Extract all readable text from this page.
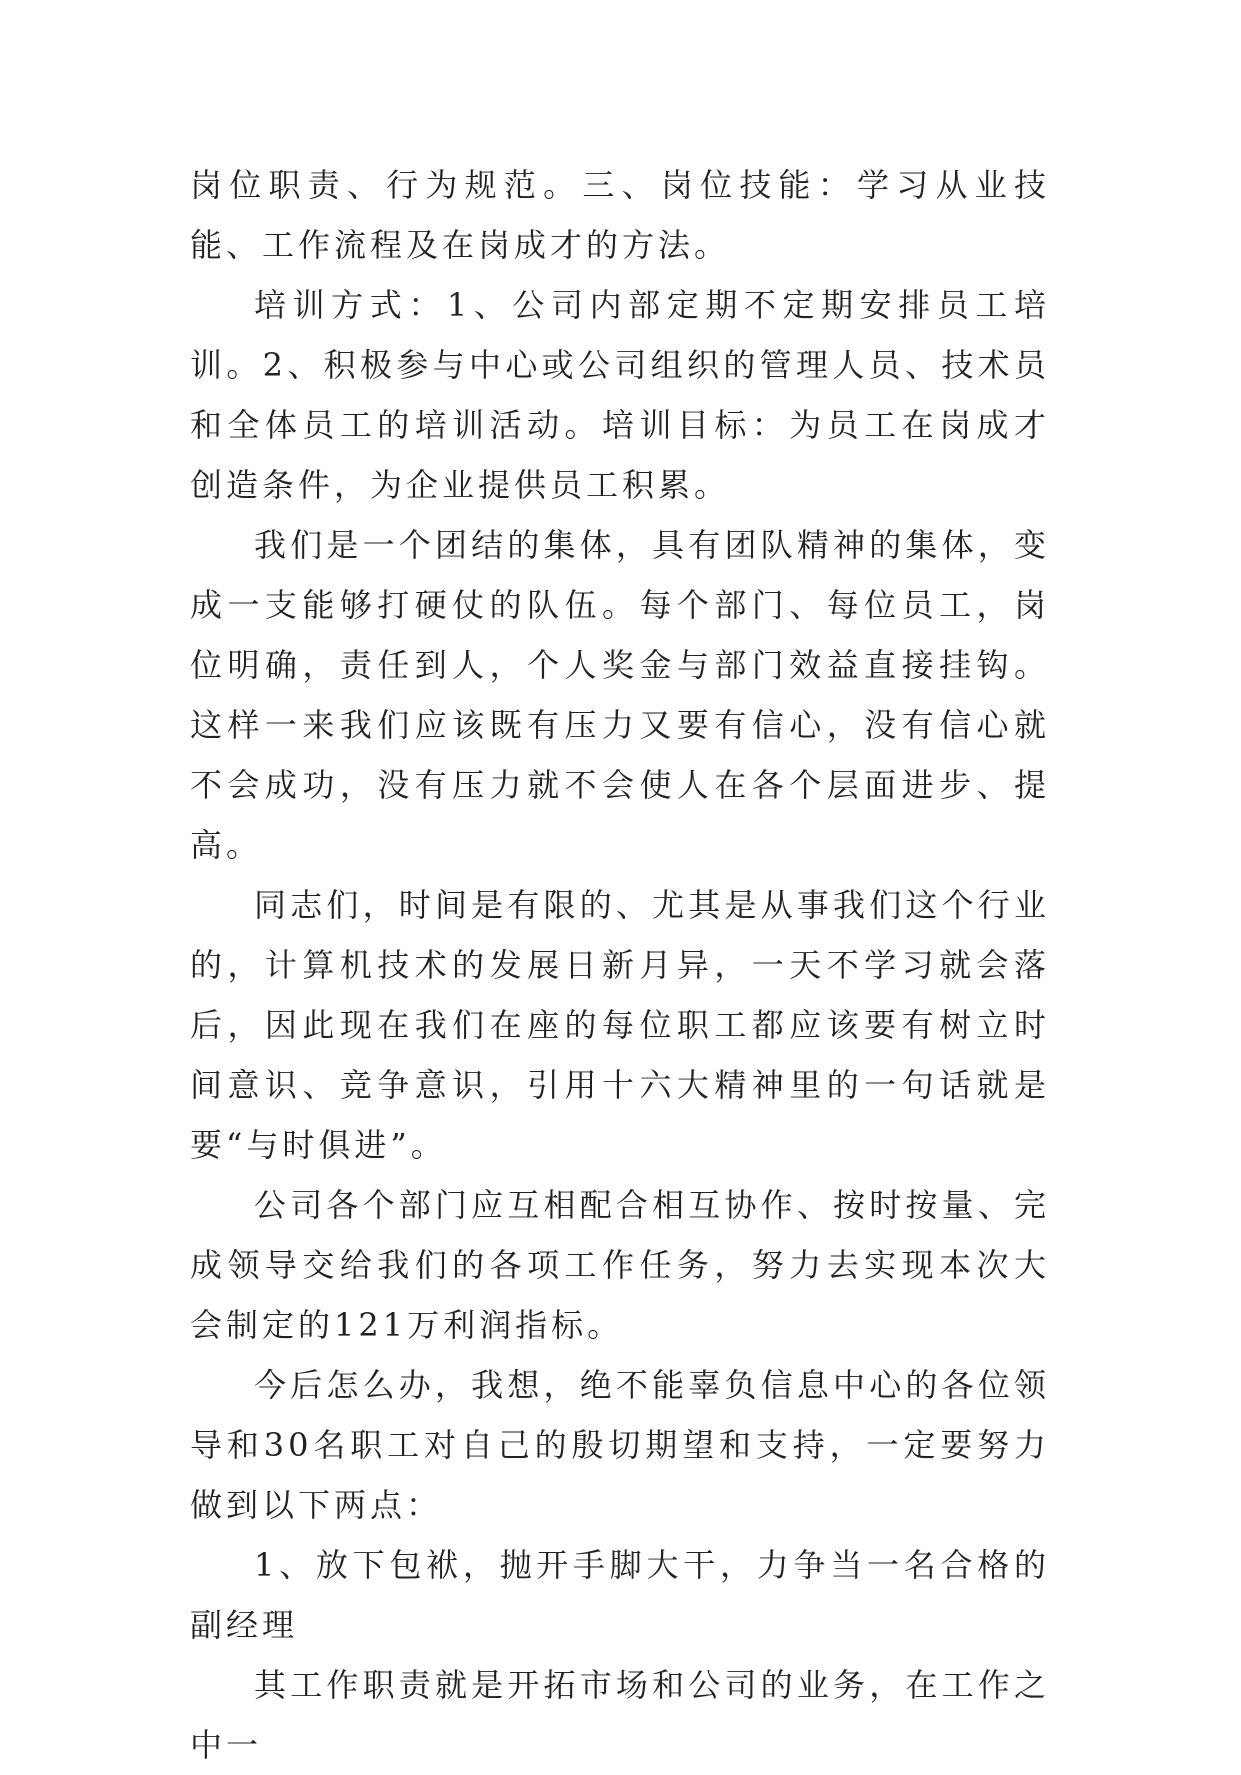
岗位职责、行为规范。三、岗位技能：学习从业技能、工作流程及在岗成才的方法。

培训方式：1、公司内部定期不定期安排员工培训。2、积极参与中心或公司组织的管理人员、技术员和全体员工的培训活动。培训目标：为员工在岗成才创造条件，为企业提供员工积累。

我们是一个团结的集体，具有团队精神的集体，变成一支能够打硬仗的队伍。每个部门、每位员工，岗位明确，责任到人，个人奖金与部门效益直接挂钩。这样一来我们应该既有压力又要有信心，没有信心就不会成功，没有压力就不会使人在各个层面进步、提高。

同志们，时间是有限的、尤其是从事我们这个行业的，计算机技术的发展日新月异，一天不学习就会落后，因此现在我们在座的每位职工都应该要有树立时间意识、竞争意识，引用十六大精神里的一句话就是要“与时俱进”。

公司各个部门应互相配合相互协作、按时按量、完成领导交给我们的各项工作任务，努力去实现本次大会制定的121万利润指标。

今后怎么办，我想，绝不能辜负信息中心的各位领导和30名职工对自己的殷切期望和支持，一定要努力做到以下两点：

1、放下包袱，抛开手脚大干，力争当一名合格的副经理

其工作职责就是开拓市场和公司的业务，在工作之中一
